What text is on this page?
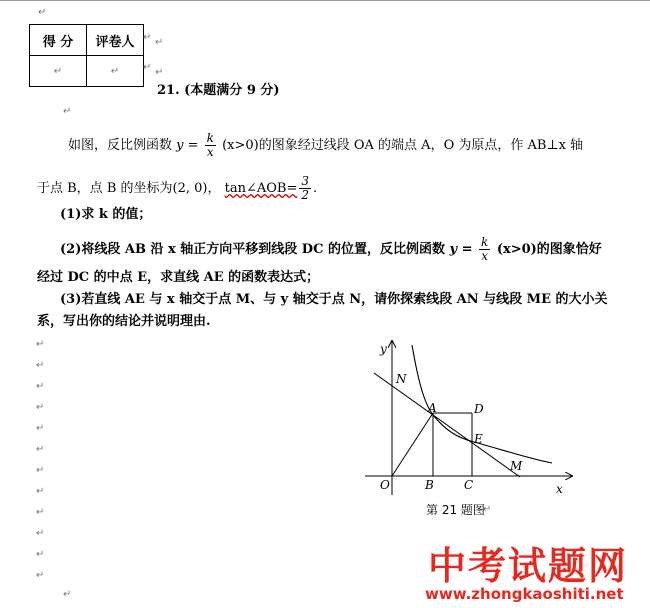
↵
得 分	评卷人
↵	↵
↵ ↵
↵ ↵
21. (本题满分 9 分)
↵
如图，反比例函数 $y = \frac{k}{x} (x>0)$的图象经过线段 OA 的端点 A，O 为原点，作 AB⊥x 轴
于点 B，点 B 的坐标为(2, 0)， tan∠AOB= $\frac{3}{2}$ .
(1)求 k 的值；
(2)将线段 AB 沿 x 轴正方向平移到线段 DC 的位置，反比例函数 $y = \frac{k}{x} (x>0)$的图象恰好
经过 DC 的中点 E，求直线 AE 的函数表达式；
(3)若直线 AE 与 x 轴交于点 M、与 y 轴交于点 N，请你探索线段 AN 与线段 ME 的大小关
系，写出你的结论并说明理由.
↵
↵
↵
↵
↵
↵
↵
↵
↵
↵
↵
↵
↵
y
x
O	B	C
A	D
E
N
M
第 21 题图
↵
中考试题网
www.zhongkaoshiti.net
